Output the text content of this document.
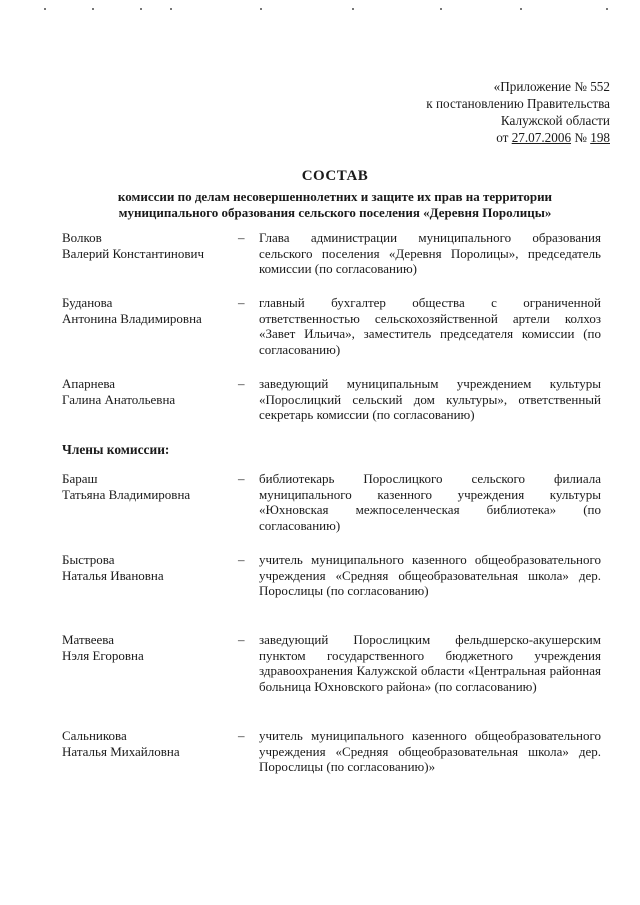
«Приложение № 552
к постановлению Правительства
Калужской области
от 27.07.2006 № 198
СОСТАВ
комиссии по делам несовершеннолетних и защите их прав на территории
муниципального образования сельского поселения «Деревня Поролицы»
Волков
Валерий Константинович
– Глава администрации муниципального образования сельского поселения «Деревня Поролицы», председатель комиссии (по согласованию)
Буданова
Антонина Владимировна
– главный бухгалтер общества с ограниченной ответственностью сельскохозяйственной артели колхоз «Завет Ильича», заместитель председателя комиссии (по согласованию)
Апарнева
Галина Анатольевна
– заведующий муниципальным учреждением культуры «Порослицкий сельский дом культуры», ответственный секретарь комиссии (по согласованию)
Члены комиссии:
Бараш
Татьяна Владимировна
– библиотекарь Порослицкого сельского филиала муниципального казенного учреждения культуры «Юхновская межпоселенческая библиотека» (по согласованию)
Быстрова
Наталья Ивановна
– учитель муниципального казенного общеобразовательного учреждения «Средняя общеобразовательная школа» дер. Порослицы (по согласованию)
Матвеева
Нэля Егоровна
– заведующий Порослицким фельдшерско-акушерским пунктом государственного бюджетного учреждения здравоохранения Калужской области «Центральная районная больница Юхновского района» (по согласованию)
Сальникова
Наталья Михайловна
– учитель муниципального казенного общеобразовательного учреждения «Средняя общеобразовательная школа» дер. Порослицы (по согласованию)»
